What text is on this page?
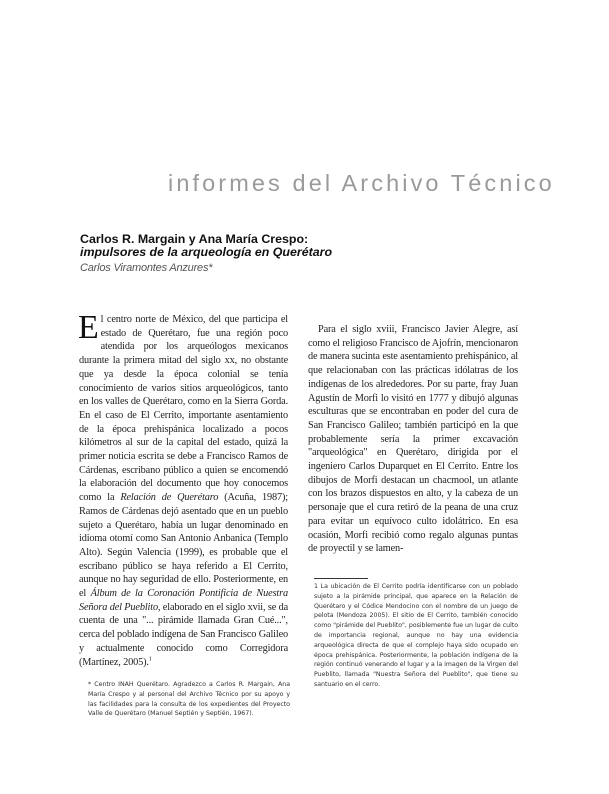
informes del Archivo Técnico
Carlos R. Margain y Ana María Crespo:
impulsores de la arqueología en Querétaro

Carlos Viramontes Anzures*

El centro norte de México, del que participa el estado de Querétaro, fue una región poco atendida por los arqueólogos mexicanos durante la primera mitad del siglo xx, no obstante que ya desde la época colonial se tenía conocimiento de varios sitios arqueológicos, tanto en los valles de Querétaro, como en la Sierra Gorda. En el caso de El Cerrito, importante asentamiento de la época prehispánica localizado a pocos kilómetros al sur de la capital del estado, quizá la primer noticia escrita se debe a Francisco Ramos de Cárdenas, escribano público a quien se encomendó la elaboración del documento que hoy conocemos como la Relación de Querétaro (Acuña, 1987); Ramos de Cárdenas dejó asentado que en un pueblo sujeto a Querétaro, había un lugar denominado en idioma otomí como San Antonio Anbanica (Templo Alto). Según Valencia (1999), es probable que el escribano público se haya referido a El Cerrito, aunque no hay seguridad de ello. Posteriormente, en el Álbum de la Coronación Pontificia de Nuestra Señora del Pueblito, elaborado en el siglo xvii, se da cuenta de una "... pirámide llamada Gran Cué...", cerca del poblado indígena de San Francisco Galileo y actualmente conocido como Corregidora (Martínez, 2005).$^1$

Para el siglo xviii, Francisco Javier Alegre, así como el religioso Francisco de Ajofrín, mencionaron de manera sucinta este asentamiento prehispánico, al que relacionaban con las prácticas idólatras de los indígenas de los alrededores. Por su parte, fray Juan Agustín de Morfi lo visitó en 1777 y dibujó algunas esculturas que se encontraban en poder del cura de San Francisco Galileo; también participó en la que probablemente sería la primer excavación "arqueológica" en Querétaro, dirigida por el ingeniero Carlos Duparquet en El Cerrito. Entre los dibujos de Morfi destacan un chacmool, un atlante con los brazos dispuestos en alto, y la cabeza de un personaje que el cura retiró de la peana de una cruz para evitar un equívoco culto idolátrico. En esa ocasión, Morfi recibió como regalo algunas puntas de proyectil y se lamen-

1 La ubicación de El Cerrito podría identificarse con un poblado sujeto a la pirámide principal, que aparece en la Relación de Querétaro y el Códice Mendocino con el nombre de un juego de pelota (Mendoza 2005). El sitio de El Cerrito, también conocido como "pirámide del Pueblito", posiblemente fue un lugar de culto de importancia regional, aunque no hay una evidencia arqueológica directa de que el complejo haya sido ocupado en época prehispánica. Posteriormente, la población indígena de la región continuó venerando el lugar y a la imagen de la Virgen del Pueblito, llamada "Nuestra Señora del Pueblito", que tiene su santuario en el cerro.

* Centro INAH Querétaro. Agradezco a Carlos R. Margain, Ana María Crespo y al personal del Archivo Técnico por su apoyo y las facilidades para la consulta de los expedientes del Proyecto Valle de Querétaro (Manuel Septién y Septién, 1967).
